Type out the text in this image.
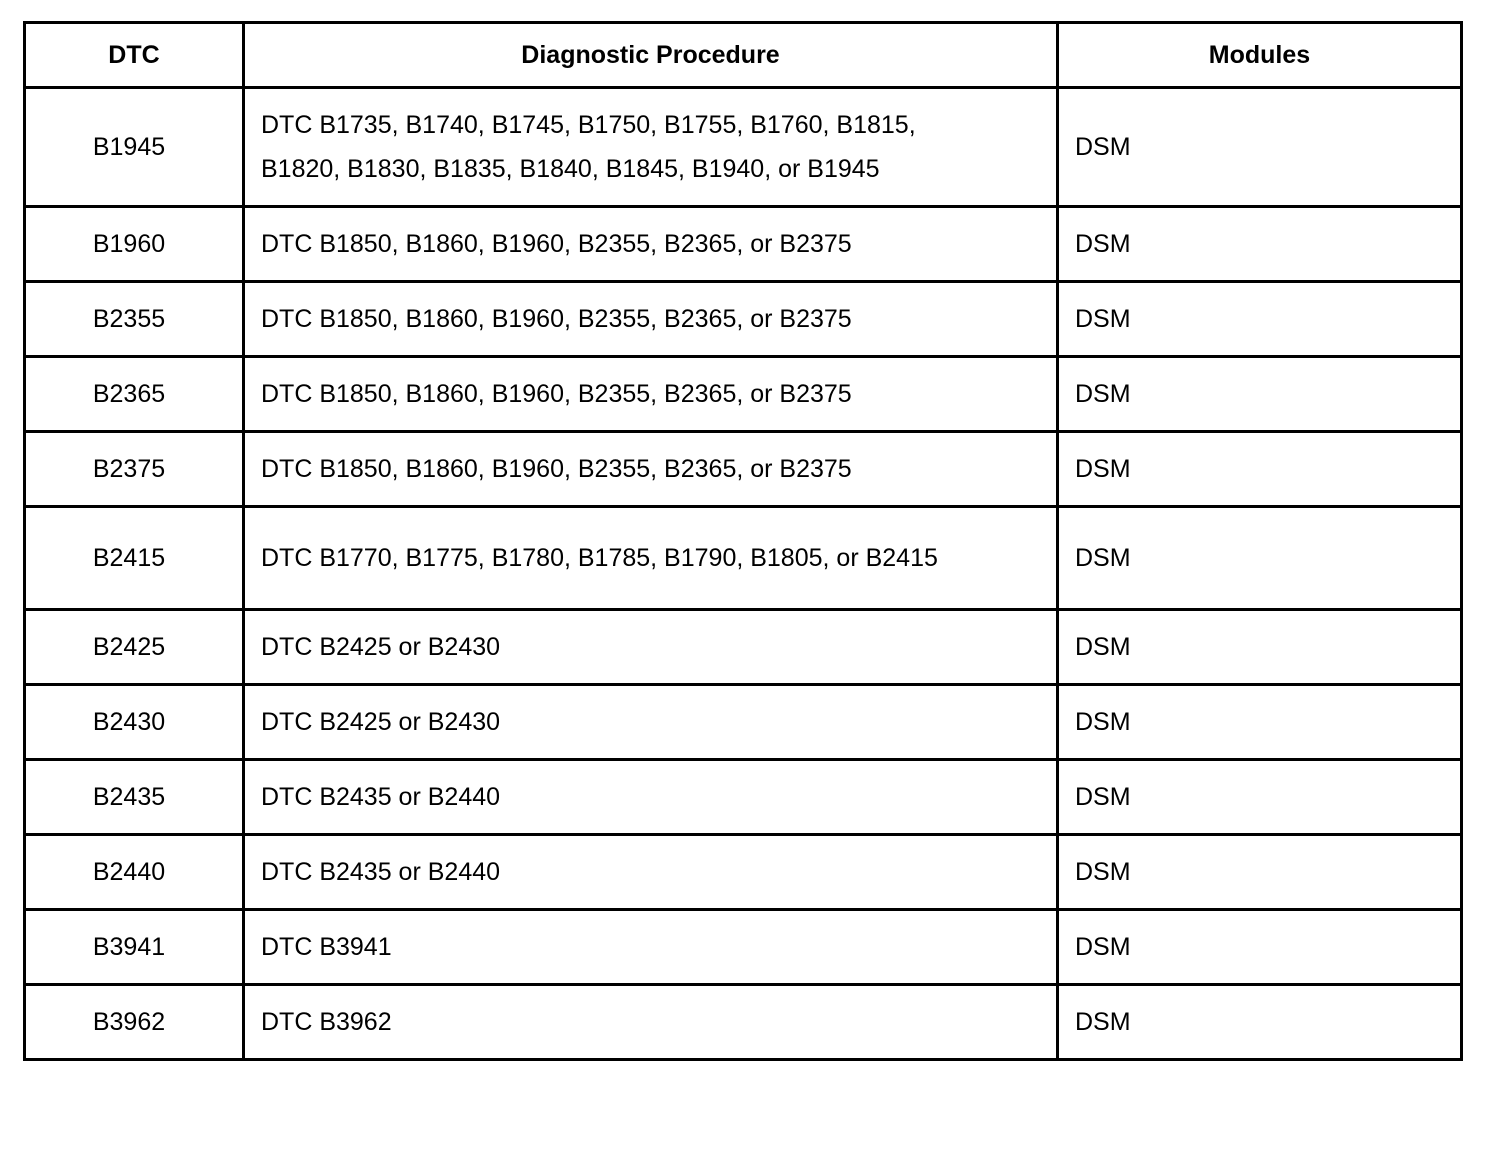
DTC	Diagnostic Procedure	Modules
B1945	DTC B1735, B1740, B1745, B1750, B1755, B1760, B1815, B1820, B1830, B1835, B1840, B1845, B1940, or B1945	DSM
B1960	DTC B1850, B1860, B1960, B2355, B2365, or B2375	DSM
B2355	DTC B1850, B1860, B1960, B2355, B2365, or B2375	DSM
B2365	DTC B1850, B1860, B1960, B2355, B2365, or B2375	DSM
B2375	DTC B1850, B1860, B1960, B2355, B2365, or B2375	DSM
B2415	DTC B1770, B1775, B1780, B1785, B1790, B1805, or B2415	DSM
B2425	DTC B2425 or B2430	DSM
B2430	DTC B2425 or B2430	DSM
B2435	DTC B2435 or B2440	DSM
B2440	DTC B2435 or B2440	DSM
B3941	DTC B3941	DSM
B3962	DTC B3962	DSM
